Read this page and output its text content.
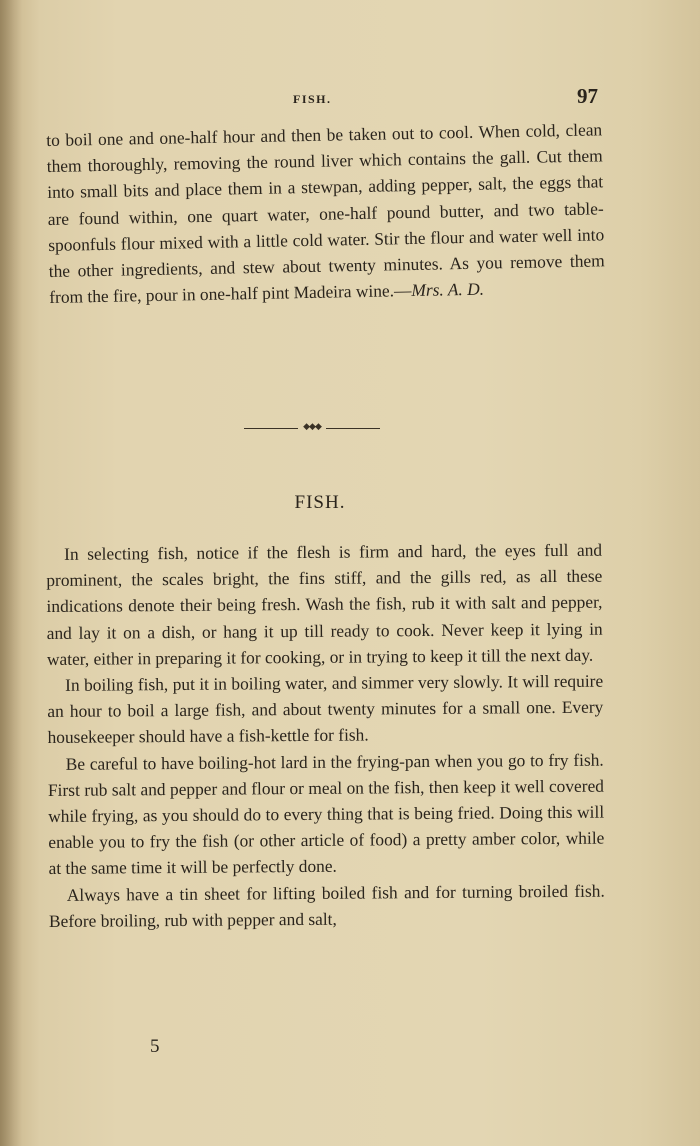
FISH.	97

to boil one and one-half hour and then be taken out to cool. When cold, clean them thoroughly, removing the round liver which contains the gall. Cut them into small bits and place them in a stewpan, adding pepper, salt, the eggs that are found within, one quart water, one-half pound butter, and two table-spoonfuls flour mixed with a little cold water. Stir the flour and water well into the other ingredients, and stew about twenty minutes. As you remove them from the fire, pour in one-half pint Madeira wine.—Mrs. A. D.

◆◆◆
FISH.

In selecting fish, notice if the flesh is firm and hard, the eyes full and prominent, the scales bright, the fins stiff, and the gills red, as all these indications denote their being fresh. Wash the fish, rub it with salt and pepper, and lay it on a dish, or hang it up till ready to cook. Never keep it lying in water, either in preparing it for cooking, or in trying to keep it till the next day.

In boiling fish, put it in boiling water, and simmer very slowly. It will require an hour to boil a large fish, and about twenty minutes for a small one. Every housekeeper should have a fish-kettle for fish.

Be careful to have boiling-hot lard in the frying-pan when you go to fry fish. First rub salt and pepper and flour or meal on the fish, then keep it well covered while frying, as you should do to every thing that is being fried. Doing this will enable you to fry the fish (or other article of food) a pretty amber color, while at the same time it will be perfectly done.

Always have a tin sheet for lifting boiled fish and for turning broiled fish. Before broiling, rub with pepper and salt,

5
